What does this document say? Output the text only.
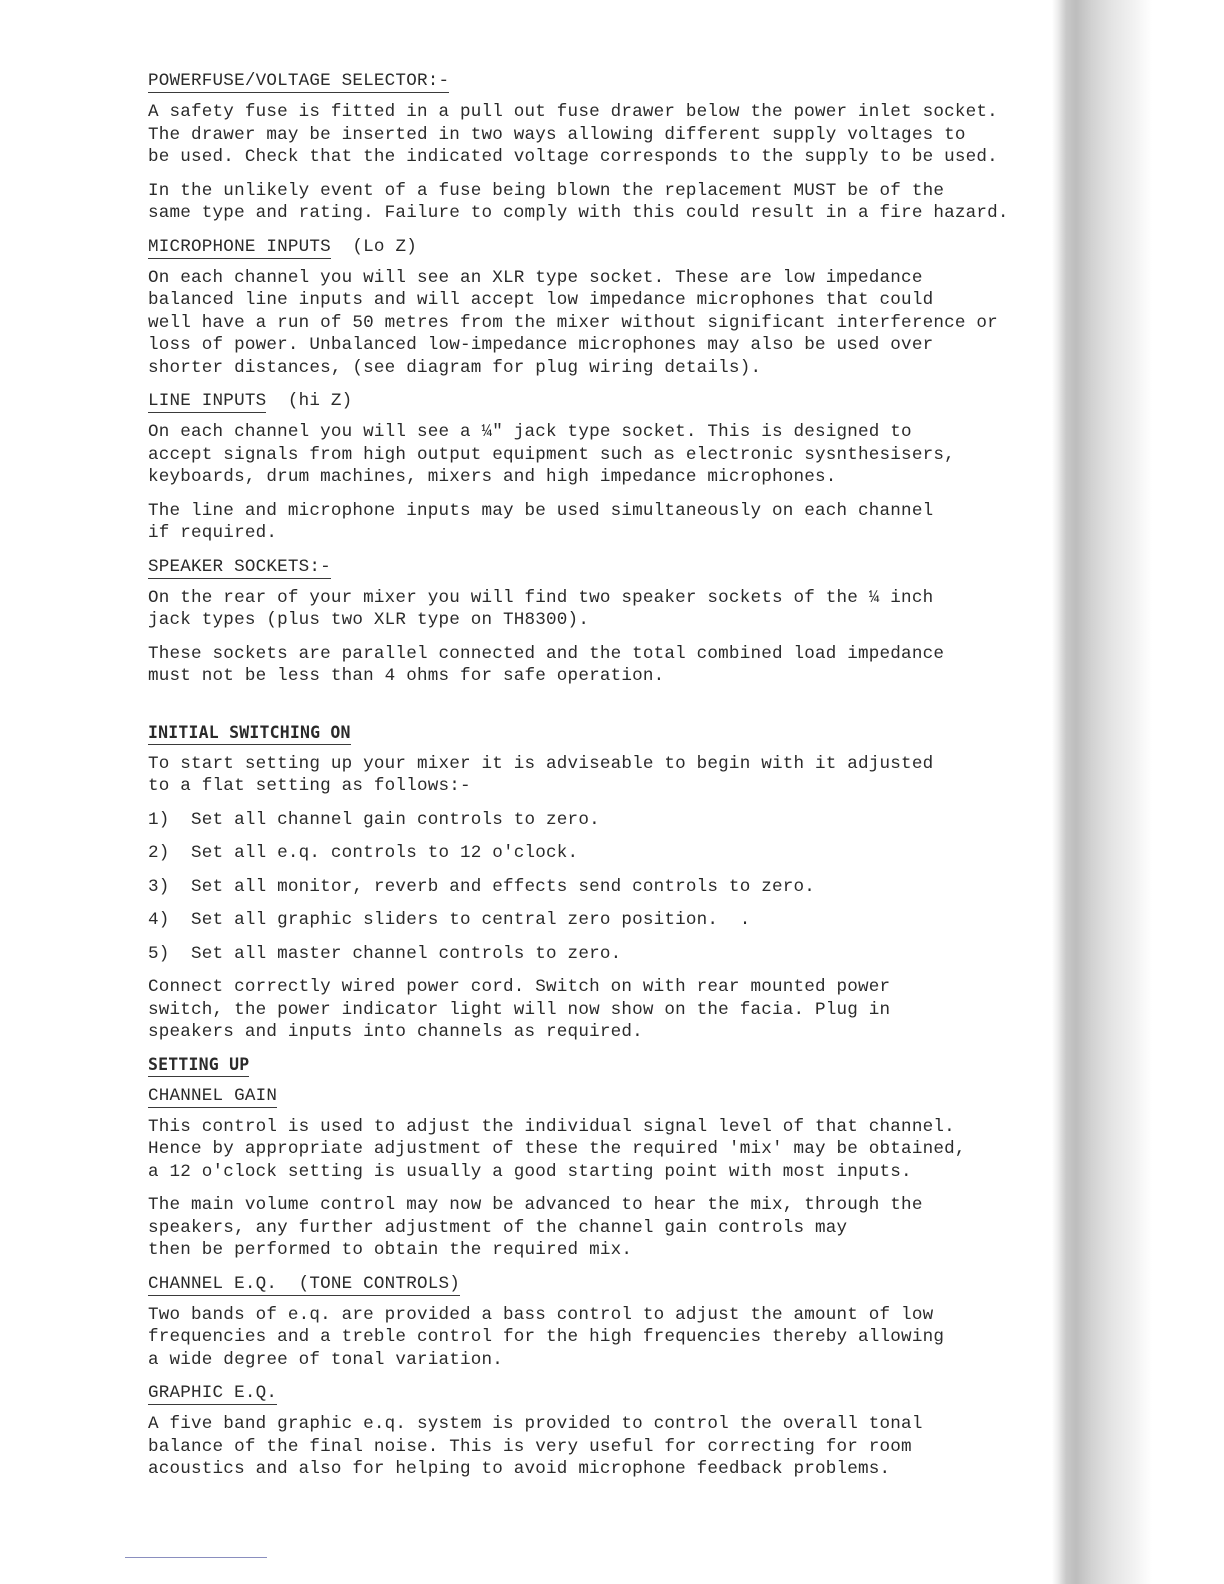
POWERFUSE/VOLTAGE SELECTOR:-

A safety fuse is fitted in a pull out fuse drawer below the power inlet socket.
The drawer may be inserted in two ways allowing different supply voltages to
be used. Check that the indicated voltage corresponds to the supply to be used.

In the unlikely event of a fuse being blown the replacement MUST be of the
same type and rating. Failure to comply with this could result in a fire hazard.

MICROPHONE INPUTS  (Lo Z)

On each channel you will see an XLR type socket. These are low impedance
balanced line inputs and will accept low impedance microphones that could
well have a run of 50 metres from the mixer without significant interference or
loss of power. Unbalanced low-impedance microphones may also be used over
shorter distances, (see diagram for plug wiring details).

LINE INPUTS  (hi Z)

On each channel you will see a ¼" jack type socket. This is designed to
accept signals from high output equipment such as electronic sysnthesisers,
keyboards, drum machines, mixers and high impedance microphones.

The line and microphone inputs may be used simultaneously on each channel
if required.

SPEAKER SOCKETS:-

On the rear of your mixer you will find two speaker sockets of the ¼ inch
jack types (plus two XLR type on TH8300).

These sockets are parallel connected and the total combined load impedance
must not be less than 4 ohms for safe operation.

INITIAL SWITCHING ON

To start setting up your mixer it is adviseable to begin with it adjusted
to a flat setting as follows:-

1)  Set all channel gain controls to zero.
2)  Set all e.q. controls to 12 o'clock.
3)  Set all monitor, reverb and effects send controls to zero.
4)  Set all graphic sliders to central zero position.  .
5)  Set all master channel controls to zero.

Connect correctly wired power cord. Switch on with rear mounted power
switch, the power indicator light will now show on the facia. Plug in
speakers and inputs into channels as required.

SETTING UP
CHANNEL GAIN

This control is used to adjust the individual signal level of that channel.
Hence by appropriate adjustment of these the required 'mix' may be obtained,
a 12 o'clock setting is usually a good starting point with most inputs.

The main volume control may now be advanced to hear the mix, through the
speakers, any further adjustment of the channel gain controls may
then be performed to obtain the required mix.

CHANNEL E.Q.  (TONE CONTROLS)

Two bands of e.q. are provided a bass control to adjust the amount of low
frequencies and a treble control for the high frequencies thereby allowing
a wide degree of tonal variation.

GRAPHIC E.Q.

A five band graphic e.q. system is provided to control the overall tonal
balance of the final noise. This is very useful for correcting for room
acoustics and also for helping to avoid microphone feedback problems.
